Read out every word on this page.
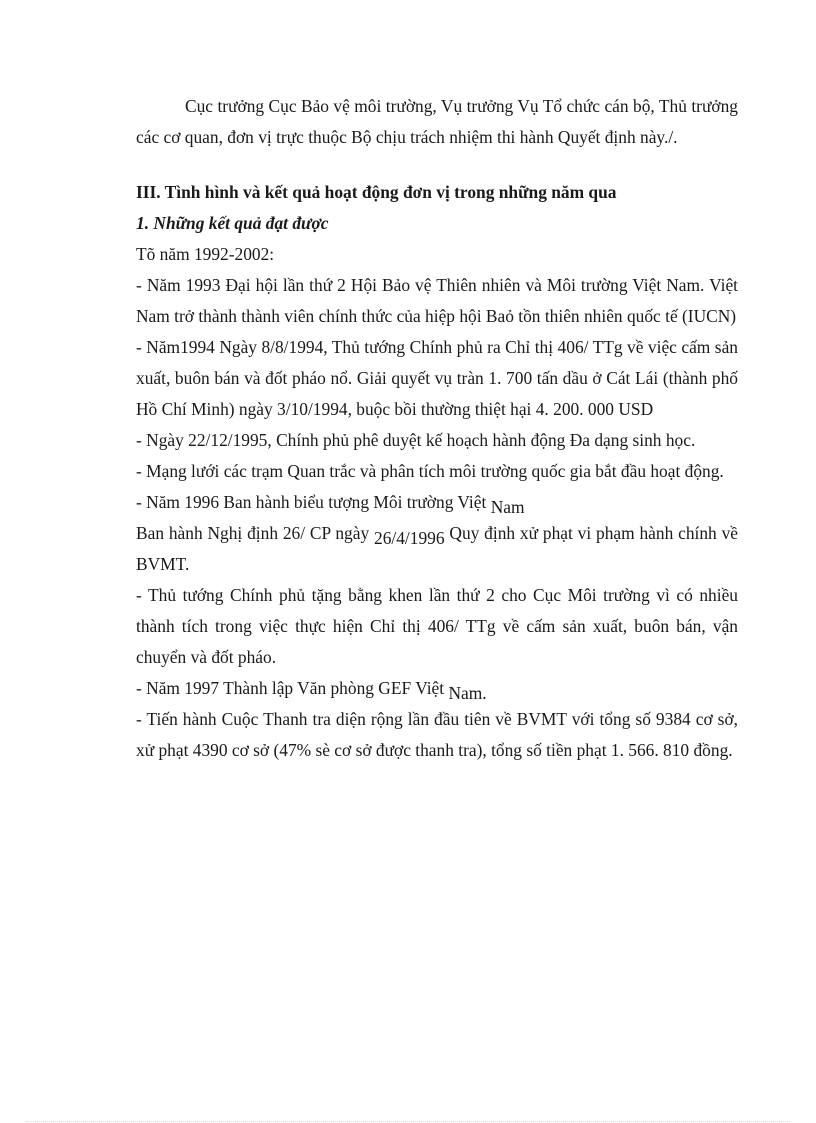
Cục trưởng Cục Bảo vệ môi trường, Vụ trưởng Vụ Tổ chức cán bộ, Thủ trưởng các cơ quan, đơn vị trực thuộc Bộ chịu trách nhiệm thi hành Quyết định này./.

III. Tình hình và kết quả hoạt động đơn vị trong những năm qua

1. Những kết quả đạt được

Tõ năm 1992-2002:

- Năm 1993 Đại hội lần thứ 2 Hội Bảo vệ Thiên nhiên và Môi trường Việt Nam. Việt Nam trở thành thành viên chính thức của hiệp hội Baỏ tồn thiên nhiên quốc tế (IUCN)

- Năm1994 Ngày 8/8/1994, Thủ tướng Chính phủ ra Chỉ thị 406/ TTg về việc cấm sản xuất, buôn bán và đốt pháo nổ. Giải quyết vụ tràn 1. 700 tấn dầu ở Cát Lái (thành phố Hồ Chí Minh) ngày 3/10/1994, buộc bồi thường thiệt hại 4. 200. 000 USD

- Ngày 22/12/1995, Chính phủ phê duyệt kế hoạch hành động Đa dạng sinh học.

- Mạng lưới các trạm Quan trắc và phân tích môi trường quốc gia bắt đầu hoạt động.

- Năm 1996 Ban hành biểu tượng Môi trường Việt Nam

Ban hành Nghị định 26/ CP ngày 26/4/1996 Quy định xử phạt vi phạm hành chính về BVMT.

- Thủ tướng Chính phủ tặng bằng khen lần thứ 2 cho Cục Môi trường vì có nhiều thành tích trong việc thực hiện Chỉ thị 406/ TTg về cấm sản xuất, buôn bán, vận chuyển và đốt pháo.

- Năm 1997 Thành lập Văn phòng GEF Việt Nam.

- Tiến hành Cuộc Thanh tra diện rộng lần đầu tiên về BVMT với tổng số 9384 cơ sở, xử phạt 4390 cơ sở (47% sè cơ sở được thanh tra), tổng số tiền phạt 1. 566. 810 đồng.
